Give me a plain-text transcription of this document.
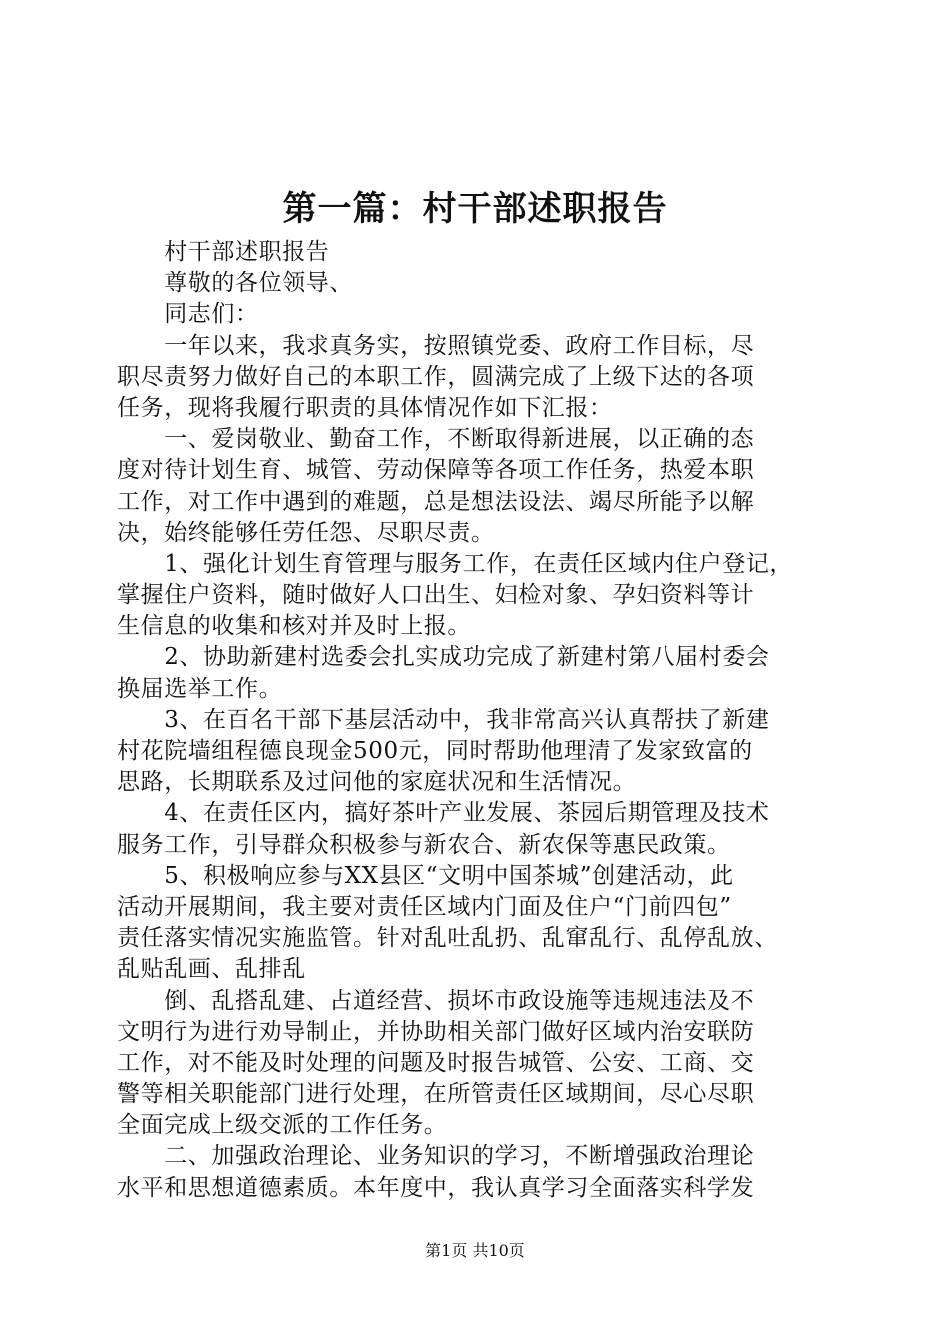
第一篇：村干部述职报告
　　村干部述职报告
　　尊敬的各位领导、
　　同志们：
　　一年以来，我求真务实，按照镇党委、政府工作目标，尽
职尽责努力做好自己的本职工作，圆满完成了上级下达的各项
任务，现将我履行职责的具体情况作如下汇报：
　　一、爱岗敬业、勤奋工作，不断取得新进展，以正确的态
度对待计划生育、城管、劳动保障等各项工作任务，热爱本职
工作，对工作中遇到的难题，总是想法设法、竭尽所能予以解
决，始终能够任劳任怨、尽职尽责。
　　1、强化计划生育管理与服务工作，在责任区域内住户登记，
掌握住户资料，随时做好人口出生、妇检对象、孕妇资料等计
生信息的收集和核对并及时上报。
　　2、协助新建村选委会扎实成功完成了新建村第八届村委会
换届选举工作。
　　3、在百名干部下基层活动中，我非常高兴认真帮扶了新建
村花院墙组程德良现金500元，同时帮助他理清了发家致富的
思路，长期联系及过问他的家庭状况和生活情况。
　　4、在责任区内，搞好茶叶产业发展、茶园后期管理及技术
服务工作，引导群众积极参与新农合、新农保等惠民政策。
　　5、积极响应参与XX县区“文明中国茶城”创建活动，此
活动开展期间，我主要对责任区域内门面及住户“门前四包”
责任落实情况实施监管。针对乱吐乱扔、乱窜乱行、乱停乱放、
乱贴乱画、乱排乱
　　倒、乱搭乱建、占道经营、损坏市政设施等违规违法及不
文明行为进行劝导制止，并协助相关部门做好区域内治安联防
工作，对不能及时处理的问题及时报告城管、公安、工商、交
警等相关职能部门进行处理，在所管责任区域期间，尽心尽职
全面完成上级交派的工作任务。
　　二、加强政治理论、业务知识的学习，不断增强政治理论
水平和思想道德素质。本年度中，我认真学习全面落实科学发
第1页 共10页
